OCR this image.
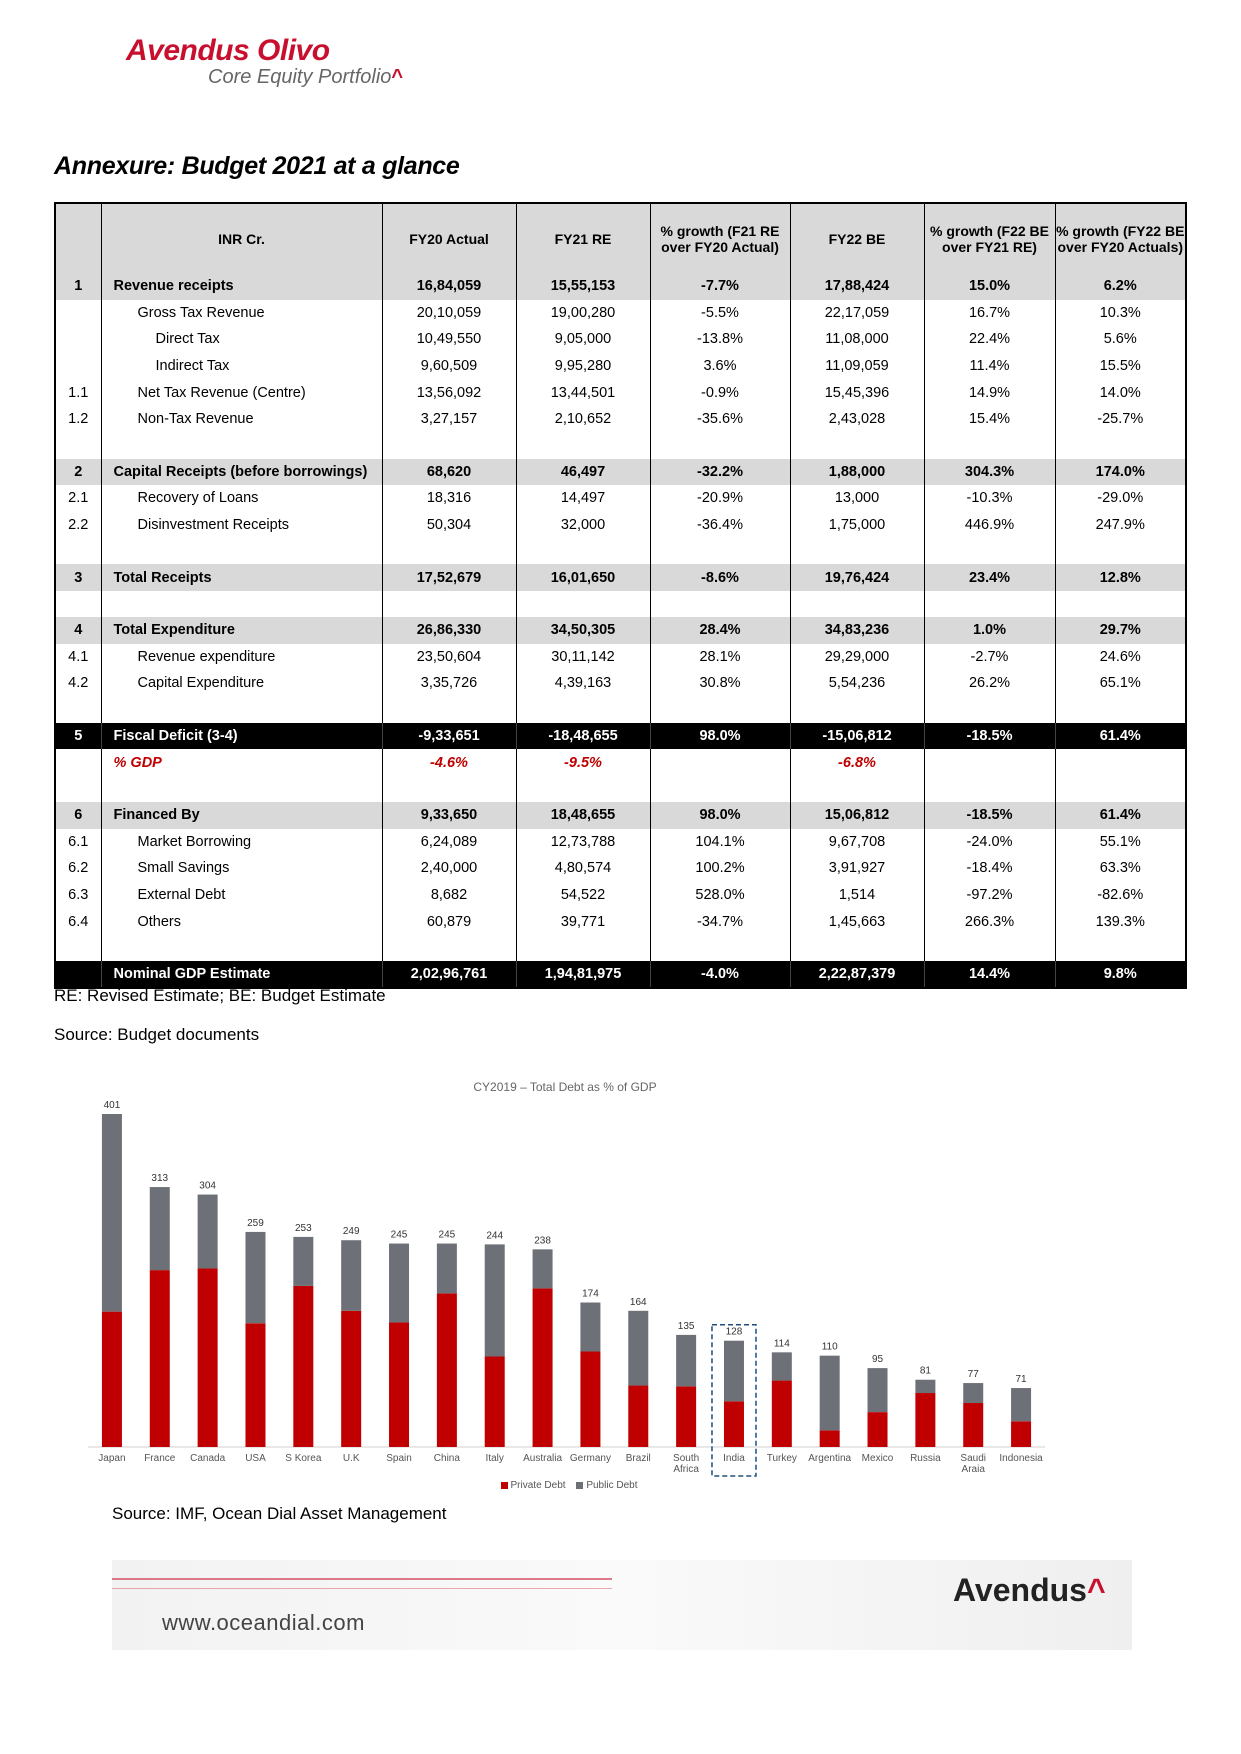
Avendus Olivo
Core Equity Portfolio^
Annexure: Budget 2021 at a glance
	INR Cr.	FY20 Actual	FY21 RE	% growth (F21 RE over FY20 Actual)	FY22 BE	% growth (F22 BE over FY21 RE)	% growth (FY22 BE over FY20 Actuals)
1	Revenue receipts	16,84,059	15,55,153	-7.7%	17,88,424	15.0%	6.2%
	Gross Tax Revenue	20,10,059	19,00,280	-5.5%	22,17,059	16.7%	10.3%
	Direct Tax	10,49,550	9,05,000	-13.8%	11,08,000	22.4%	5.6%
	Indirect Tax	9,60,509	9,95,280	3.6%	11,09,059	11.4%	15.5%
1.1	Net Tax Revenue (Centre)	13,56,092	13,44,501	-0.9%	15,45,396	14.9%	14.0%
1.2	Non-Tax Revenue	3,27,157	2,10,652	-35.6%	2,43,028	15.4%	-25.7%

2	Capital Receipts (before borrowings)	68,620	46,497	-32.2%	1,88,000	304.3%	174.0%
2.1	Recovery of Loans	18,316	14,497	-20.9%	13,000	-10.3%	-29.0%
2.2	Disinvestment Receipts	50,304	32,000	-36.4%	1,75,000	446.9%	247.9%

3	Total Receipts	17,52,679	16,01,650	-8.6%	19,76,424	23.4%	12.8%

4	Total Expenditure	26,86,330	34,50,305	28.4%	34,83,236	1.0%	29.7%
4.1	Revenue expenditure	23,50,604	30,11,142	28.1%	29,29,000	-2.7%	24.6%
4.2	Capital Expenditure	3,35,726	4,39,163	30.8%	5,54,236	26.2%	65.1%

5	Fiscal Deficit (3-4)	-9,33,651	-18,48,655	98.0%	-15,06,812	-18.5%	61.4%
	% GDP	-4.6%	-9.5%		-6.8%		

6	Financed By	9,33,650	18,48,655	98.0%	15,06,812	-18.5%	61.4%
6.1	Market Borrowing	6,24,089	12,73,788	104.1%	9,67,708	-24.0%	55.1%
6.2	Small Savings	2,40,000	4,80,574	100.2%	3,91,927	-18.4%	63.3%
6.3	External Debt	8,682	54,522	528.0%	1,514	-97.2%	-82.6%
6.4	Others	60,879	39,771	-34.7%	1,45,663	266.3%	139.3%

	Nominal GDP Estimate	2,02,96,761	1,94,81,975	-4.0%	2,22,87,379	14.4%	9.8%
RE: Revised Estimate; BE: Budget Estimate
Source: Budget documents
CY2019 – Total Debt as % of GDP
401
Japan
313
France
304
Canada
259
USA
253
S Korea
249
U.K
245
Spain
245
China
244
Italy
238
Australia
174
Germany
164
Brazil
135
South
Africa
128
India
114
Turkey
110
Argentina
95
Mexico
81
Russia
77
Saudi
Araia
71
Indonesia
Private Debt Public Debt
Source: IMF, Ocean Dial Asset Management
www.oceandial.com
Avendus^
